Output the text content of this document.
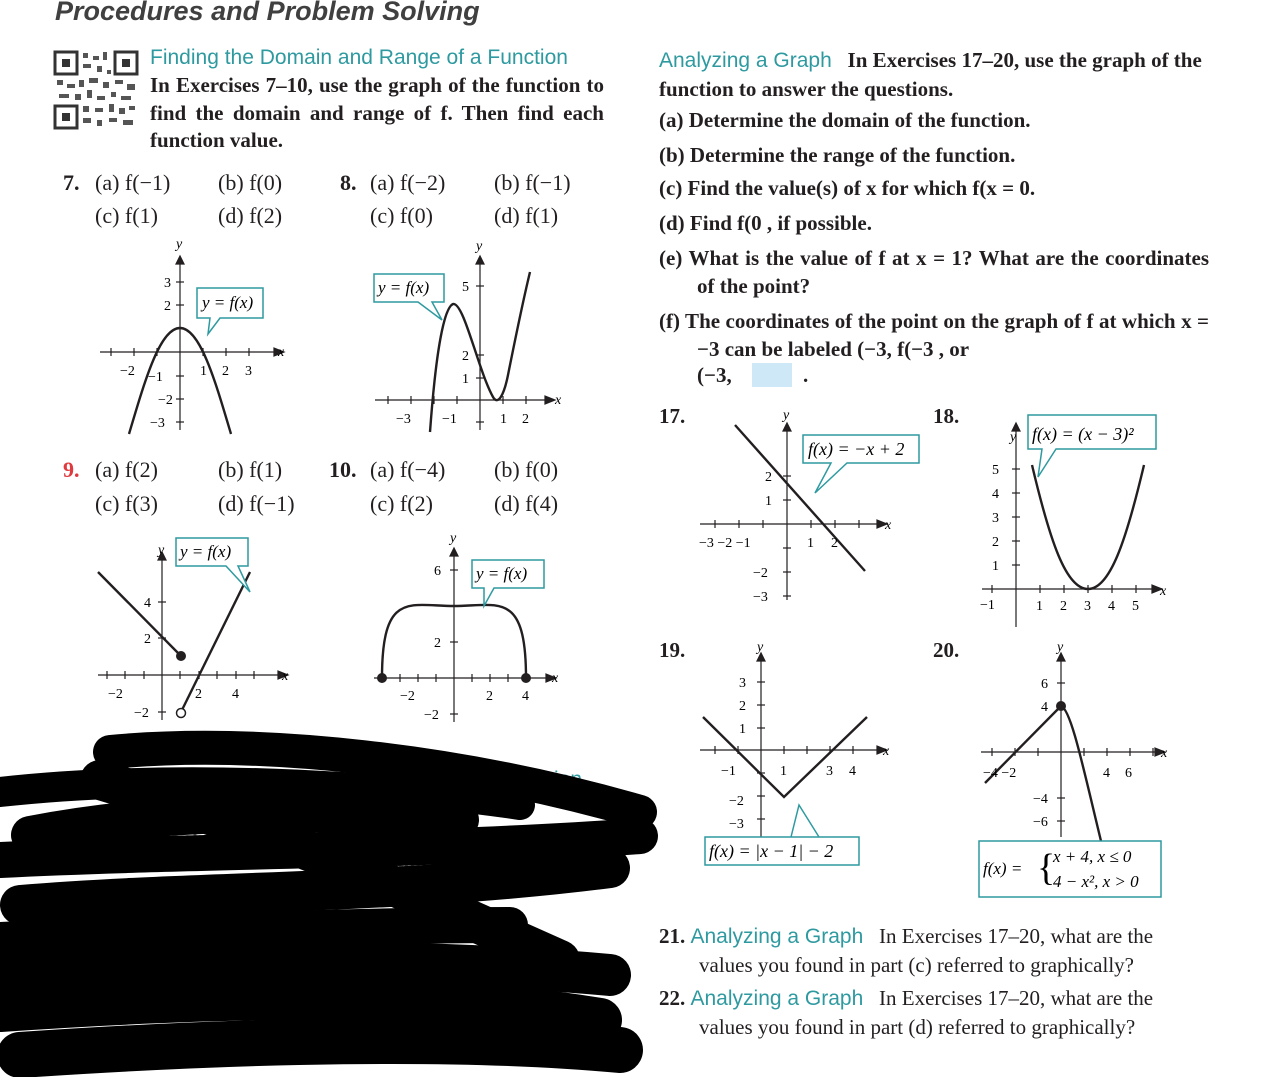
Procedures and Problem Solving
Finding the Domain and Range of a Function
In Exercises 7–10, use the graph of the function to find the domain and range of f. Then find each function value.
7. (a) f(−1) (b) f(0)
(c) f(1)	(d) f(2)
8. (a) f(−2) (b) f(−1)
(c) f(0)	(d) f(1)
y
x
3
2
−1
−2
−3
−2	1 2 3
y = f(x)
y
x
5
2
1
−3 −1	1 2
y = f(x)
9. (a) f(2)	(b) f(1)
(c) f(3)	(d) f(−1)
10. (a) f(−4) (b) f(0)
(c) f(2)	(d) f(4)
y
x
4
2
−2
−2	2 4
y = f(x)
y
x
6
2
−2
−2	2 4
y = f(x)
nction
graph the
find the dom
Analyzing a Graph In Exercises 17–20, use the graph of the function to answer the questions.
(a) Determine the domain of the function.
(b) Determine the range of the function.
(c) Find the value(s) of x for which f(x = 0.
(d) Find f(0 , if possible.
(e) What is the value of f at x = 1? What are the coordinates of the point?
(f) The coordinates of the point on the graph of f at which x = −3 can be labeled (−3, f(−3 , or
(−3,	.
17.	18.
19.	20.
y
x
2
1
−2
−3
−3 −2 −1	1 2
f(x) = −x + 2
y
x
5
4
3
2
1
−1	1 2 3 4 5
f(x) = (x − 3)²
y
x
3
2
1
−2
−3
−1	1	3 4
f(x) = |x − 1| − 2
y
x
6
4
−4
−6
−4 −2	4 6
f(x) = {
x + 4, x ≤ 0
4 − x², x > 0
21. Analyzing a Graph In Exercises 17–20, what are the values you found in part (c) referred to graphically?
22. Analyzing a Graph In Exercises 17–20, what are the values you found in part (d) referred to graphically?
